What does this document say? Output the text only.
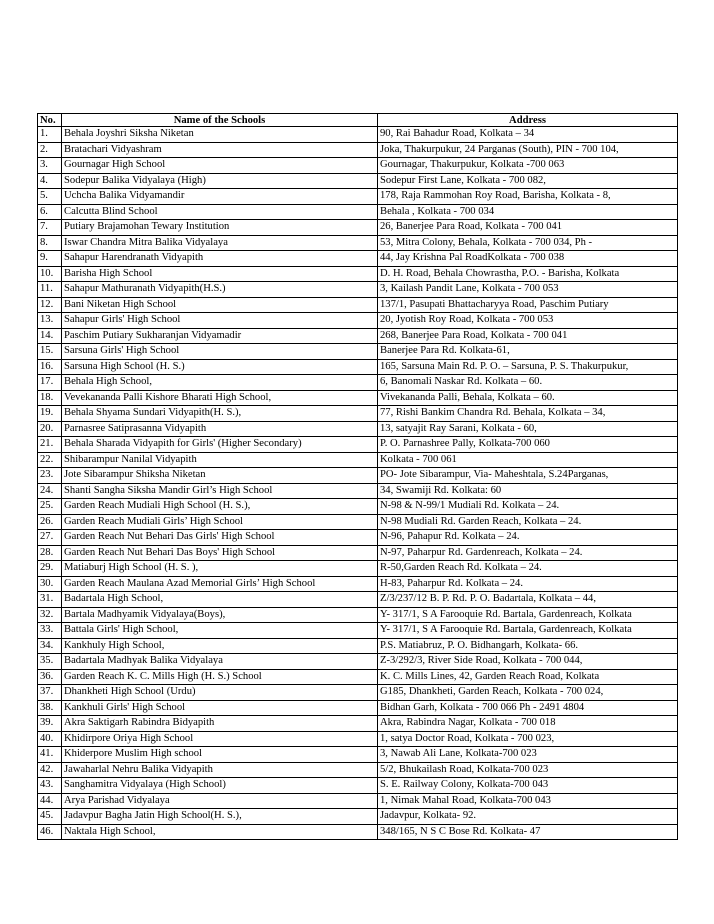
No.	Name of the Schools	Address
1.	Behala Joyshri Siksha Niketan	90, Rai Bahadur Road, Kolkata – 34
2.	Bratachari Vidyashram	Joka, Thakurpukur, 24 Parganas (South), PIN - 700 104,
3.	Gournagar High School	Gournagar, Thakurpukur, Kolkata -700 063
4.	Sodepur Balika Vidyalaya (High)	Sodepur First Lane, Kolkata - 700 082,
5.	Uchcha Balika Vidyamandir	178, Raja Rammohan Roy Road, Barisha, Kolkata - 8,
6.	Calcutta Blind School	Behala , Kolkata - 700 034
7.	Putiary Brajamohan Tewary Institution	26, Banerjee Para Road, Kolkata - 700 041
8.	Iswar Chandra Mitra Balika Vidyalaya	53, Mitra Colony, Behala, Kolkata - 700 034, Ph -
9.	Sahapur Harendranath Vidyapith	44, Jay Krishna Pal RoadKolkata - 700 038
10.	Barisha High School	D. H. Road, Behala Chowrastha, P.O. - Barisha, Kolkata
11.	Sahapur Mathuranath Vidyapith(H.S.)	3, Kailash Pandit Lane, Kolkata - 700 053
12.	Bani Niketan High School	137/1, Pasupati Bhattacharyya Road, Paschim Putiary
13.	Sahapur Girls' High School	20, Jyotish Roy Road, Kolkata - 700 053
14.	Paschim Putiary Sukharanjan Vidyamadir	268, Banerjee Para Road, Kolkata - 700 041
15.	Sarsuna Girls' High School	Banerjee Para Rd. Kolkata-61,
16.	Sarsuna High School (H. S.)	165, Sarsuna Main Rd. P. O. – Sarsuna, P. S. Thakurpukur,
17.	Behala High School,	6, Banomali Naskar Rd. Kolkata – 60.
18.	Vevekananda Palli Kishore Bharati High School,	Vivekananda Palli, Behala, Kolkata – 60.
19.	Behala Shyama Sundari Vidyapith(H. S.),	77, Rishi Bankim Chandra Rd. Behala, Kolkata – 34,
20.	Parnasree Satiprasanna Vidyapith	13, satyajit Ray Sarani, Kolkata - 60,
21.	Behala Sharada Vidyapith for Girls' (Higher Secondary)	P. O. Parnashree Pally, Kolkata-700 060
22.	Shibarampur Nanilal Vidyapith	Kolkata - 700 061
23.	Jote Sibarampur Shiksha Niketan	PO- Jote Sibarampur, Via- Maheshtala, S.24Parganas,
24.	Shanti Sangha Siksha Mandir Girl’s High School	34, Swamiji Rd. Kolkata: 60
25.	Garden Reach Mudiali High School (H. S.),	N-98 & N-99/1 Mudiali Rd. Kolkata – 24.
26.	Garden Reach Mudiali Girls’ High School	N-98 Mudiali Rd. Garden Reach, Kolkata – 24.
27.	Garden Reach Nut Behari Das Girls' High School	N-96, Pahapur Rd. Kolkata – 24.
28.	Garden Reach Nut Behari Das Boys' High School	N-97, Paharpur Rd. Gardenreach, Kolkata – 24.
29.	Matiaburj High School (H. S. ),	R-50,Garden Reach Rd. Kolkata – 24.
30.	Garden Reach Maulana Azad Memorial Girls’ High School	H-83, Paharpur Rd. Kolkata – 24.
31.	Badartala High School,	Z/3/237/12 B. P. Rd. P. O. Badartala, Kolkata – 44,
32.	Bartala Madhyamik Vidyalaya(Boys),	Y- 317/1, S A Farooquie Rd. Bartala, Gardenreach, Kolkata
33.	Battala Girls' High School,	Y- 317/1, S A Farooquie Rd. Bartala, Gardenreach, Kolkata
34.	Kankhuly High School,	P.S. Matiabruz, P. O. Bidhangarh, Kolkata- 66.
35.	Badartala Madhyak Balika Vidyalaya	Z-3/292/3, River Side Road, Kolkata - 700 044,
36.	Garden Reach K. C. Mills High (H. S.) School	K. C. Mills Lines, 42, Garden Reach Road, Kolkata
37.	Dhankheti High School (Urdu)	G185, Dhankheti, Garden Reach, Kolkata - 700 024,
38.	Kankhuli Girls' High School	Bidhan Garh, Kolkata - 700 066 Ph - 2491 4804
39.	Akra Saktigarh Rabindra Bidyapith	Akra, Rabindra Nagar, Kolkata - 700 018
40.	Khidirpore Oriya High School	1, satya Doctor Road, Kolkata - 700 023,
41.	Khiderpore Muslim High school	3, Nawab Ali Lane, Kolkata-700 023
42.	Jawaharlal Nehru Balika Vidyapith	5/2, Bhukailash Road, Kolkata-700 023
43.	Sanghamitra Vidyalaya (High School)	S. E. Railway Colony, Kolkata-700 043
44.	Arya Parishad Vidyalaya	1, Nimak Mahal Road, Kolkata-700 043
45.	Jadavpur Bagha Jatin High School(H. S.),	Jadavpur, Kolkata- 92.
46.	Naktala High School,	348/165, N S C Bose Rd. Kolkata- 47
